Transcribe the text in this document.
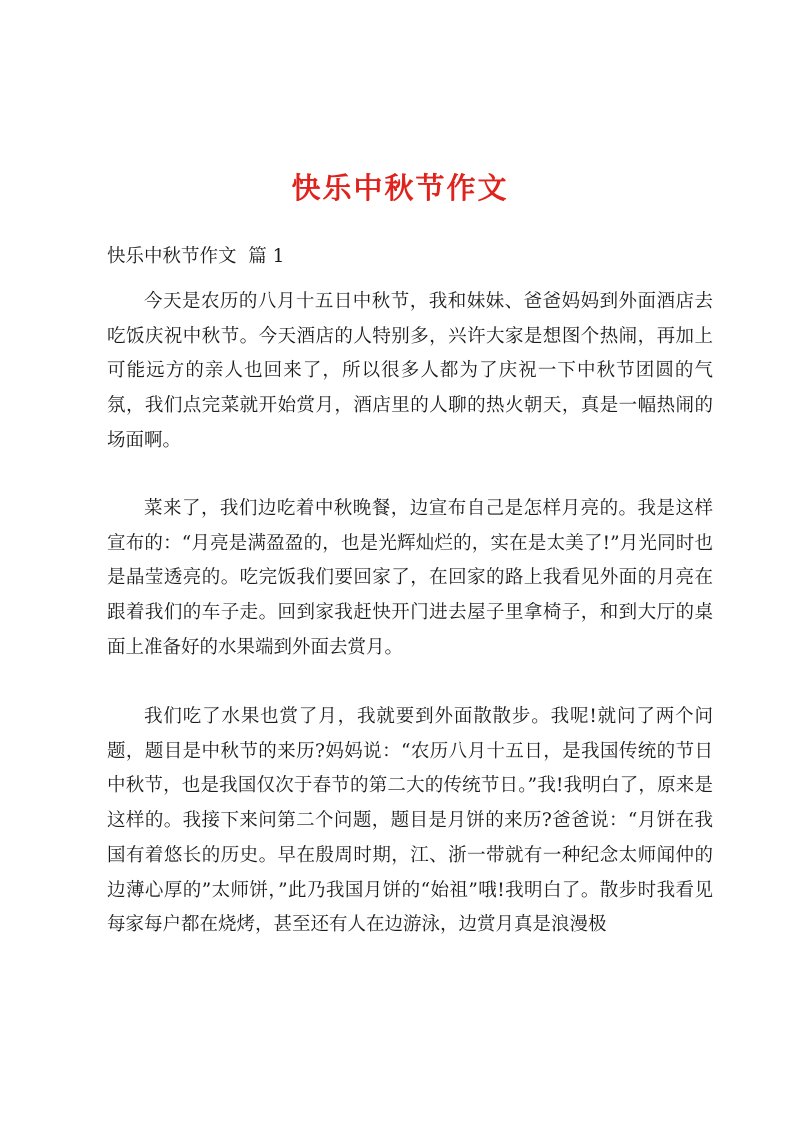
快乐中秋节作文
快乐中秋节作文  篇 1

今天是农历的八月十五日中秋节，我和妹妹、爸爸妈妈到外面酒店去吃饭庆祝中秋节。今天酒店的人特别多，兴许大家是想图个热闹，再加上可能远方的亲人也回来了，所以很多人都为了庆祝一下中秋节团圆的气氛，我们点完菜就开始赏月，酒店里的人聊的热火朝天，真是一幅热闹的场面啊。

菜来了，我们边吃着中秋晚餐，边宣布自己是怎样月亮的。我是这样宣布的：“月亮是满盈盈的，也是光辉灿烂的，实在是太美了!”月光同时也是晶莹透亮的。吃完饭我们要回家了，在回家的路上我看见外面的月亮在跟着我们的车子走。回到家我赶快开门进去屋子里拿椅子，和到大厅的桌面上准备好的水果端到外面去赏月。

我们吃了水果也赏了月，我就要到外面散散步。我呢!就问了两个问题，题目是中秋节的来历?妈妈说：“农历八月十五日，是我国传统的节日中秋节，也是我国仅次于春节的第二大的传统节日。”我!我明白了，原来是这样的。我接下来问第二个问题，题目是月饼的来历?爸爸说：“月饼在我国有着悠长的历史。早在殷周时期，江、浙一带就有一种纪念太师闻仲的边薄心厚的”太师饼，”此乃我国月饼的“始祖”哦!我明白了。散步时我看见每家每户都在烧烤，甚至还有人在边游泳，边赏月真是浪漫极
